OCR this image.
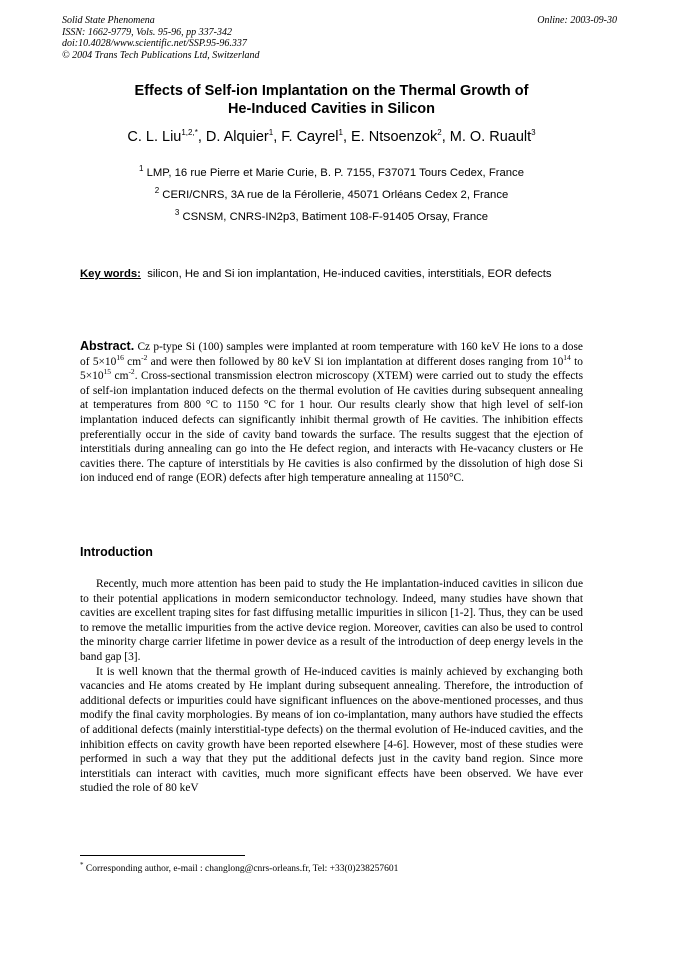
Solid State Phenomena
ISSN: 1662-9779, Vols. 95-96, pp 337-342
doi:10.4028/www.scientific.net/SSP.95-96.337
© 2004 Trans Tech Publications Ltd, Switzerland
Online: 2003-09-30
Effects of Self-ion Implantation on the Thermal Growth of
He-Induced Cavities in Silicon
C. L. Liu$^{1,2,*}$, D. Alquier$^1$, F. Cayrel$^1$, E. Ntsoenzok$^2$, M. O. Ruault$^3$
$^1$ LMP, 16 rue Pierre et Marie Curie, B. P. 7155, F37071 Tours Cedex, France
$^2$ CERI/CNRS, 3A rue de la Férollerie, 45071 Orléans Cedex 2, France
$^3$ CSNSM, CNRS-IN2p3, Batiment 108-F-91405 Orsay, France
Key words: silicon, He and Si ion implantation, He-induced cavities, interstitials, EOR defects
Abstract. Cz p-type Si (100) samples were implanted at room temperature with 160 keV He ions to a dose of $5\times 10^{16}$ $cm^{-2}$ and were then followed by 80 keV Si ion implantation at different doses ranging from $10^{14}$ to $5\times 10^{15}$ $cm^{-2}$. Cross-sectional transmission electron microscopy (XTEM) were carried out to study the effects of self-ion implantation induced defects on the thermal evolution of He cavities during subsequent annealing at temperatures from 800 °C to 1150 °C for 1 hour. Our results clearly show that high level of self-ion implantation induced defects can significantly inhibit thermal growth of He cavities. The inhibition effects preferentially occur in the side of cavity band towards the surface. The results suggest that the ejection of interstitials during annealing can go into the He defect region, and interacts with He-vacancy clusters or He cavities there. The capture of interstitials by He cavities is also confirmed by the dissolution of high dose Si ion induced end of range (EOR) defects after high temperature annealing at 1150°C.
Introduction

Recently, much more attention has been paid to study the He implantation-induced cavities in silicon due to their potential applications in modern semiconductor technology. Indeed, many studies have shown that cavities are excellent traping sites for fast diffusing metallic impurities in silicon [1-2]. Thus, they can be used to remove the metallic impurities from the active device region. Moreover, cavities can also be used to control the minority charge carrier lifetime in power device as a result of the introduction of deep energy levels in the band gap [3].

It is well known that the thermal growth of He-induced cavities is mainly achieved by exchanging both vacancies and He atoms created by He implant during subsequent annealing. Therefore, the introduction of additional defects or impurities could have significant influences on the above-mentioned processes, and thus modify the final cavity morphologies. By means of ion co-implantation, many authors have studied the effects of additional defects (mainly interstitial-type defects) on the thermal evolution of He-induced cavities, and the inhibition effects on cavity growth have been reported elsewhere [4-6]. However, most of these studies were performed in such a way that they put the additional defects just in the cavity band region. Since more interstitials can interact with cavities, much more significant effects have been observed. We have ever studied the role of 80 keV

* Corresponding author, e-mail : changlong@cnrs-orleans.fr, Tel: +33(0)238257601
